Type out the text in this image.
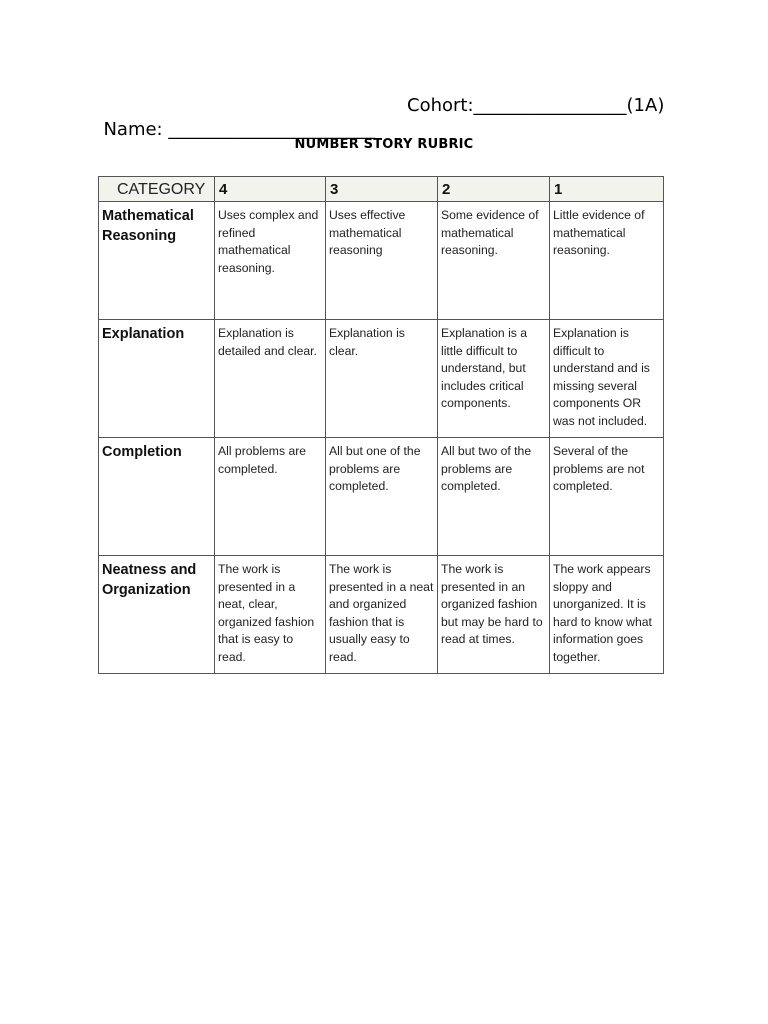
Name: _______________________

Cohort:_________________(1A)

NUMBER STORY RUBRIC
CATEGORY	4	3	2	1
Mathematical Reasoning	Uses complex and refined mathematical reasoning.	Uses effective mathematical reasoning	Some evidence of mathematical reasoning.	Little evidence of mathematical reasoning.
Explanation	Explanation is detailed and clear.	Explanation is clear.	Explanation is a little difficult to understand, but includes critical components.	Explanation is difficult to understand and is missing several components OR was not included.
Completion	All problems are completed.	All but one of the problems are completed.	All but two of the problems are completed.	Several of the problems are not completed.
Neatness and Organization	The work is presented in a neat, clear, organized fashion that is easy to read.	The work is presented in a neat and organized fashion that is usually easy to read.	The work is presented in an organized fashion but may be hard to read at times.	The work appears sloppy and unorganized. It is hard to know what information goes together.
